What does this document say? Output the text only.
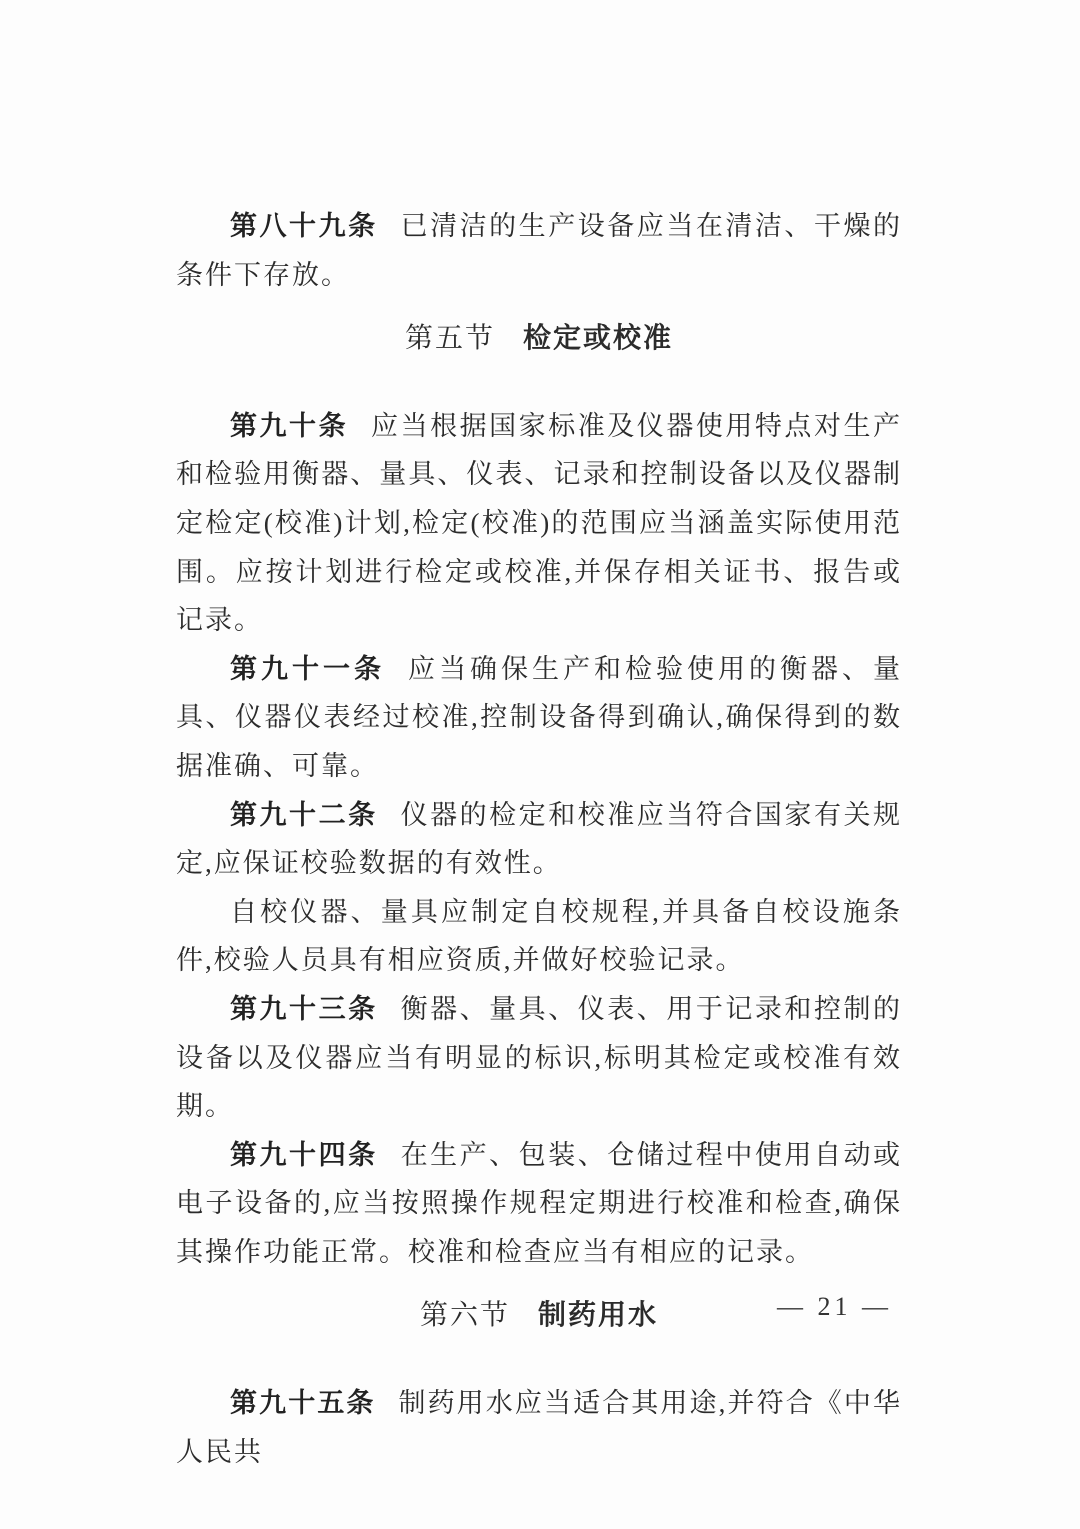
第八十九条 已清洁的生产设备应当在清洁、干燥的条件下存放。

第五节 检定或校准

第九十条 应当根据国家标准及仪器使用特点对生产和检验用衡器、量具、仪表、记录和控制设备以及仪器制定检定(校准)计划,检定(校准)的范围应当涵盖实际使用范围。应按计划进行检定或校准,并保存相关证书、报告或记录。

第九十一条 应当确保生产和检验使用的衡器、量具、仪器仪表经过校准,控制设备得到确认,确保得到的数据准确、可靠。

第九十二条 仪器的检定和校准应当符合国家有关规定,应保证校验数据的有效性。

自校仪器、量具应制定自校规程,并具备自校设施条件,校验人员具有相应资质,并做好校验记录。

第九十三条 衡器、量具、仪表、用于记录和控制的设备以及仪器应当有明显的标识,标明其检定或校准有效期。

第九十四条 在生产、包装、仓储过程中使用自动或电子设备的,应当按照操作规程定期进行校准和检查,确保其操作功能正常。校准和检查应当有相应的记录。

第六节 制药用水

第九十五条 制药用水应当适合其用途,并符合《中华人民共

— 21 —
